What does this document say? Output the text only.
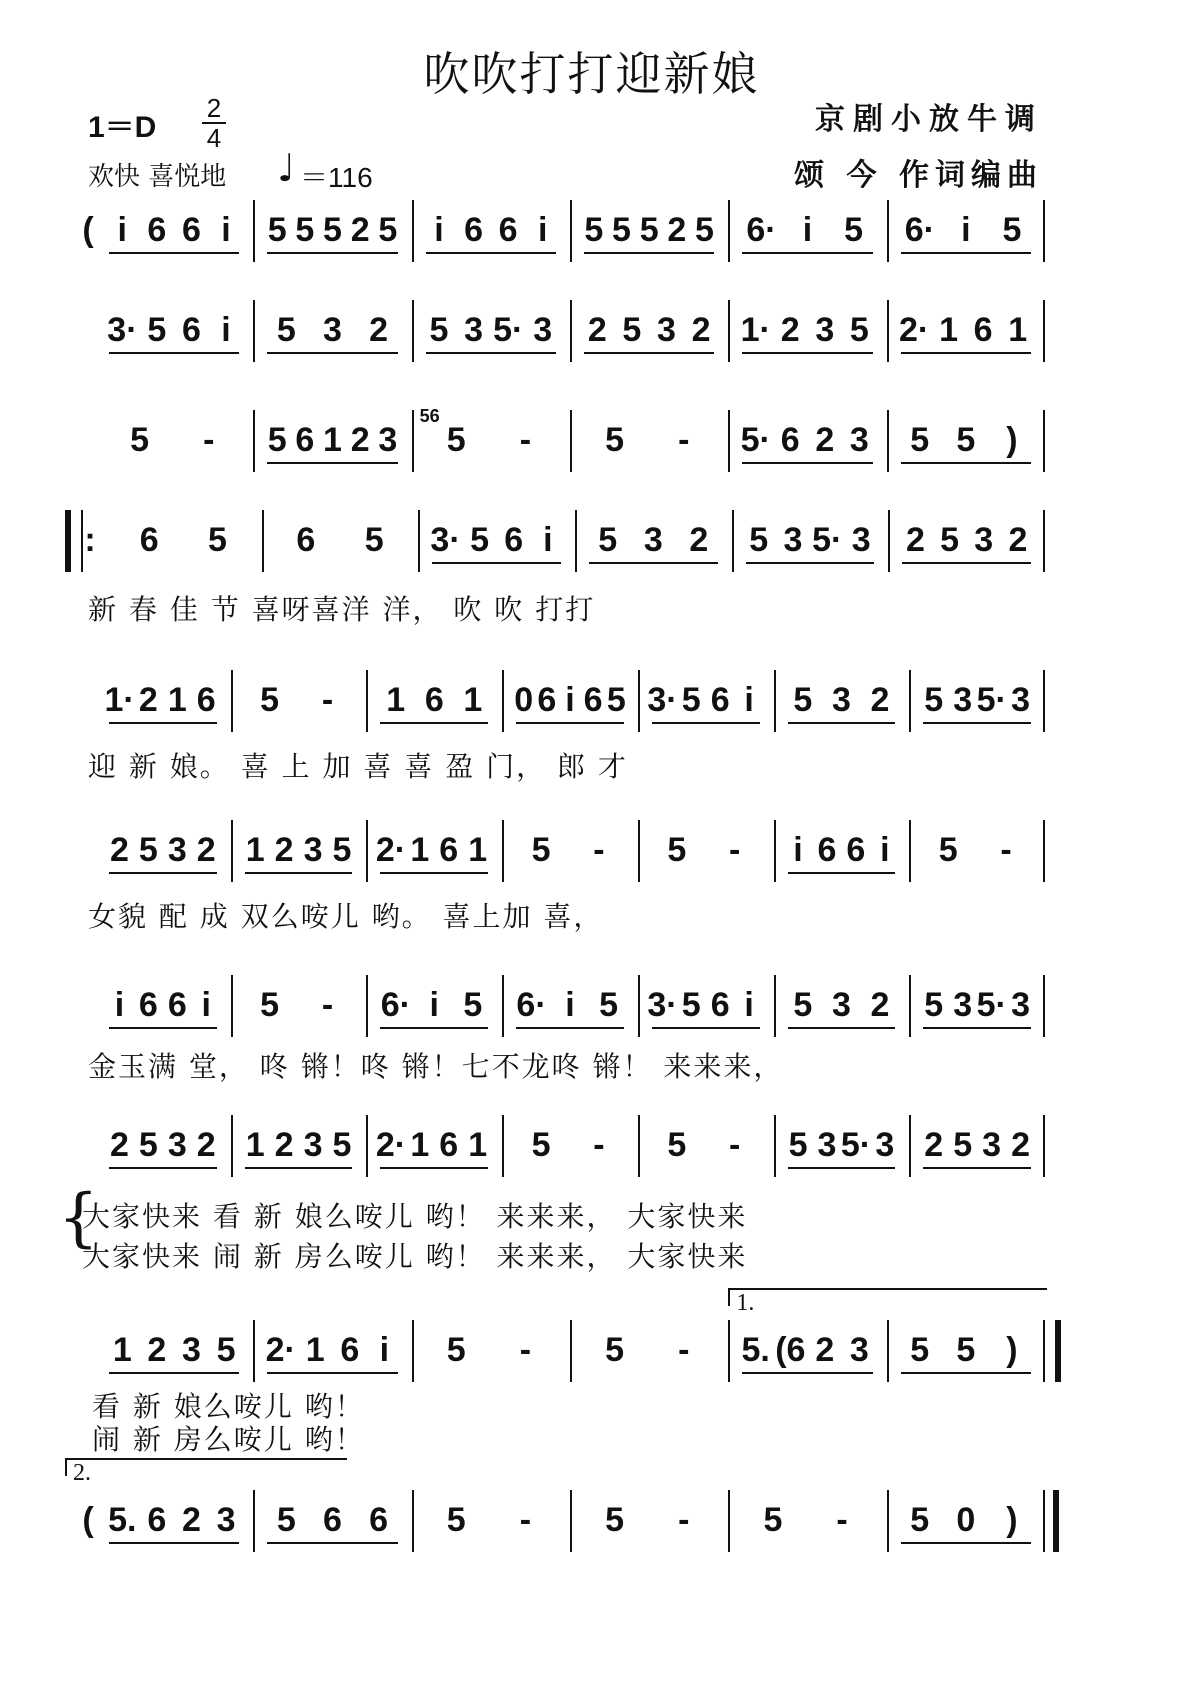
吹吹打打迎新娘
1＝D
2
4
欢快 喜悦地 ♩ ＝116
京剧小放牛调
颂 今 作词编曲
( i 6 6 i	5 5 5 2 5	i 6 6 i	5 5 5 2 5 6· i 5 6· i 5
3· 5 6 i	5 3 2 5 3 5· 3 2 5 3 2 1· 2 3 5 2· 1 6 1
5 - 5 6 1 2 3 5 - 5 - 5· 6 2 3 5 5 )
56
: 6 5 6 5 3· 5 6 i	5 3 2 5 3 5· 3 2 5 3 2
新 春 佳 节 喜呀喜洋 洋， 吹 吹 打打
1· 2 1 6 5 - 1 6 1 0 6 i 6 5 3· 5 6 i	5 3 2 5 3 5· 3
迎 新 娘。 喜 上 加 喜 喜 盈 门， 郎 才
2 5 3 2 1 2 3 5 2· 1 6 1 5 - 5 -	i 6 6 i	5 -
女貌 配 成 双么咹儿 哟。 喜上加 喜，
i 6 6 i	5 - 6· i 5 6· i 5 3· 5 6 i	5 3 2 5 3 5· 3
金玉满 堂， 咚 锵！咚 锵！七不龙咚 锵！ 来来来，
2 5 3 2 1 2 3 5 2· 1 6 1 5 - 5 - 5 3 5· 3 2 5 3 2
{
大家快来 看 新 娘么咹儿 哟！ 来来来， 大家快来
大家快来 闹 新 房么咹儿 哟！ 来来来， 大家快来
1 2 3 5 2· 1 6 i	5 - 5 - 5. (6 2 3 5 5 )
1.
看 新 娘么咹儿 哟！
闹 新 房么咹儿 哟！
( 5. 6 2 3 5 6 6 5 - 5 - 5 - 5 0 )
2.
